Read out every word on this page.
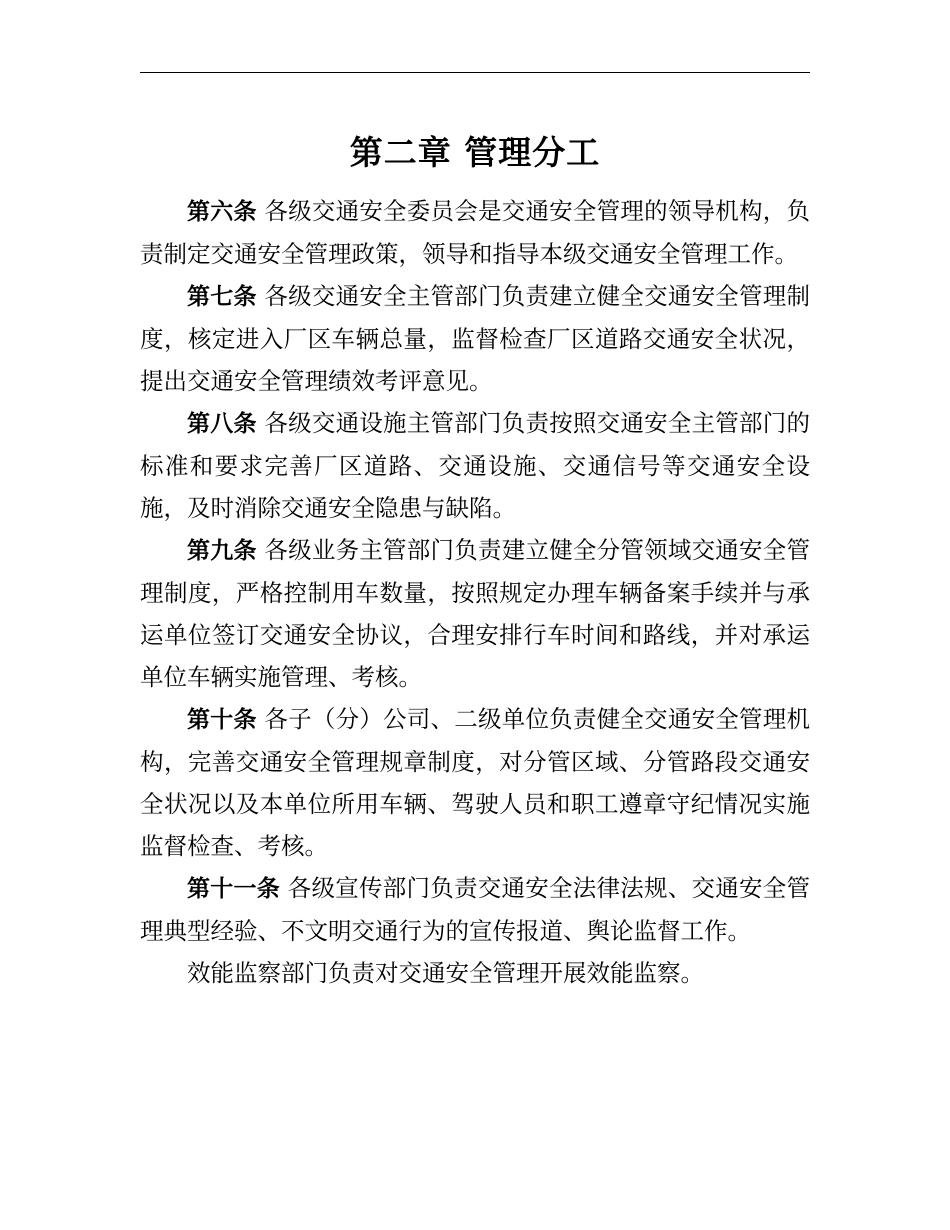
第二章 管理分工

第六条 各级交通安全委员会是交通安全管理的领导机构，负责制定交通安全管理政策，领导和指导本级交通安全管理工作。

第七条 各级交通安全主管部门负责建立健全交通安全管理制度，核定进入厂区车辆总量，监督检查厂区道路交通安全状况，提出交通安全管理绩效考评意见。

第八条 各级交通设施主管部门负责按照交通安全主管部门的标准和要求完善厂区道路、交通设施、交通信号等交通安全设施，及时消除交通安全隐患与缺陷。

第九条 各级业务主管部门负责建立健全分管领域交通安全管理制度，严格控制用车数量，按照规定办理车辆备案手续并与承运单位签订交通安全协议，合理安排行车时间和路线，并对承运单位车辆实施管理、考核。

第十条 各子（分）公司、二级单位负责健全交通安全管理机构，完善交通安全管理规章制度，对分管区域、分管路段交通安全状况以及本单位所用车辆、驾驶人员和职工遵章守纪情况实施监督检查、考核。

第十一条 各级宣传部门负责交通安全法律法规、交通安全管理典型经验、不文明交通行为的宣传报道、舆论监督工作。

效能监察部门负责对交通安全管理开展效能监察。
